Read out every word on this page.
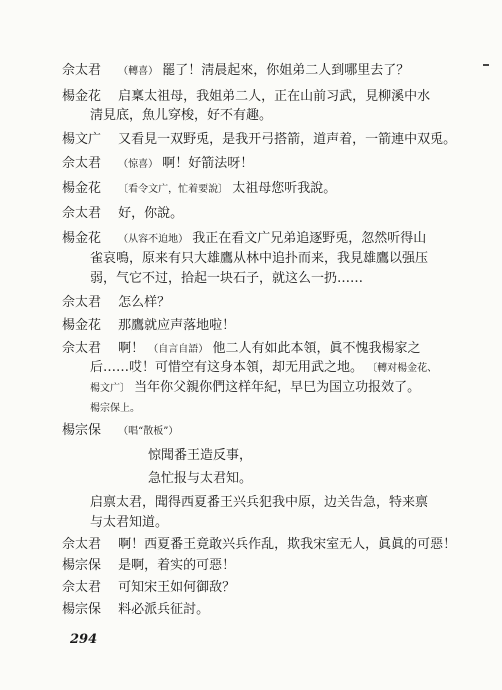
佘太君 （轉喜） 罷了！淸晨起來，你姐弟二人到哪里去了？
楊金花 启稟太祖母，我姐弟二人，正在山前习武，見柳溪中水
淸見底，魚儿穿梭，好不有趣。
楊文广 又看見一双野兎，是我开弓搭箭，道声着，一箭連中双兎。
佘太君 （惊喜） 啊！好箭法呀！
楊金花 〔看令文广，忙着要說〕 太祖母您听我說。
佘太君 好，你說。
楊金花 （从容不迫地） 我正在看文广兄弟追逐野兎，忽然听得山
雀哀鳴，原来有只大雄鷹从林中追扑而来，我見雄鷹以强压
弱，气它不过，拾起一块石子，就这么一扔……
佘太君 怎么样？
楊金花 那鷹就应声落地啦！
佘太君 啊！ （自言自語） 他二人有如此本領，眞不愧我楊家之
后……哎！可惜空有这身本領，却无用武之地。 〔轉对楊金花、
楊文广〕 当年你父親你們这样年紀，早巳为国立功报效了。
楊宗保上。
楊宗保 （唱“散板”）
惊聞番王造反事，
急忙报与太君知。
启禀太君，聞得西夏番王兴兵犯我中原，边关告急，特来禀
与太君知道。
佘太君 啊！西夏番王竟敢兴兵作乱，欺我宋室无人，眞眞的可惡！
楊宗保 是啊，着实的可惡！
佘太君 可知宋王如何御敌？
楊宗保 料必派兵征討。
294
